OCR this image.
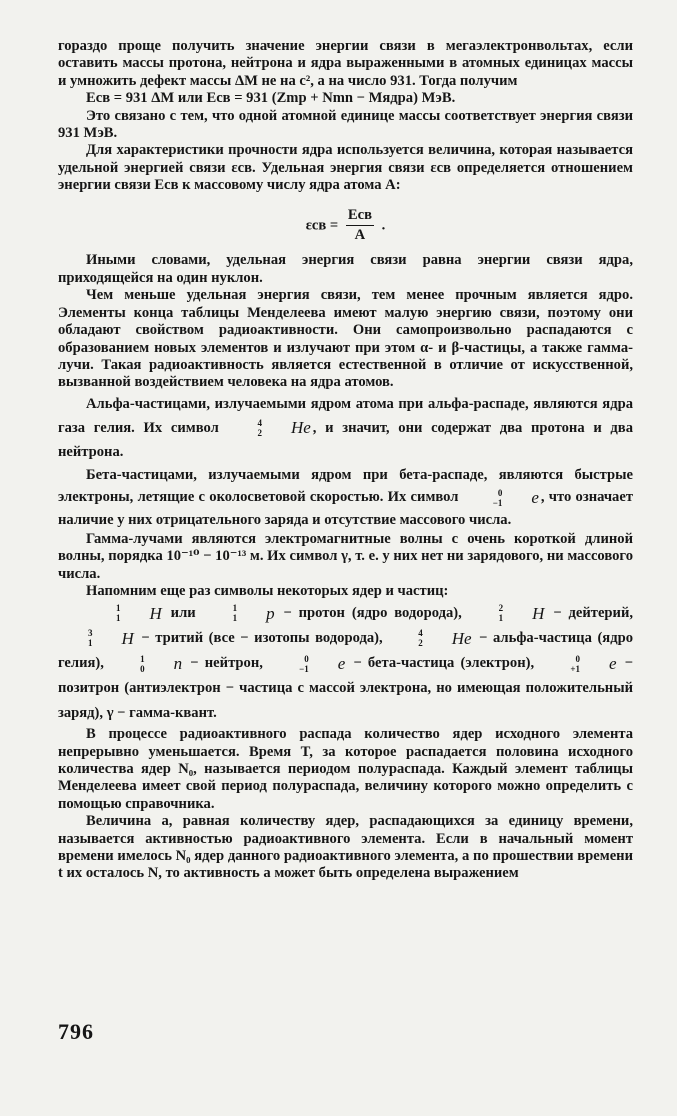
гораздо проще получить значение энергии связи в мегаэлектронвольтах, если оставить массы протона, нейтрона и ядра выраженными в атомных единицах массы и умножить дефект массы ΔM не на c², а на число 931. Тогда получим

Eсв = 931 ΔM или Eсв = 931 (Zmp + Nmn − Mядра) МэВ.

Это связано с тем, что одной атомной единице массы соответствует энергия связи 931 МэВ.

Для характеристики прочности ядра используется величина, которая называется удельной энергией связи εсв. Удельная энергия связи εсв определяется отношением энергии связи Eсв к массовому числу ядра атома A:

$\varepsilon св = \frac{\text{Eсв}}{A}$ .

Иными словами, удельная энергия связи равна энергии связи ядра, приходящейся на один нуклон.

Чем меньше удельная энергия связи, тем менее прочным является ядро. Элементы конца таблицы Менделеева имеют малую энергию связи, поэтому они обладают свойством радиоактивности. Они самопроизвольно распадаются с образованием новых элементов и излучают при этом α- и β-частицы, а также гамма-лучи. Такая радиоактивность является естественной в отличие от искусственной, вызванной воздействием человека на ядра атомов.

Альфа-частицами, излучаемыми ядром атома при альфа-распаде, являются ядра газа гелия. Их символ	4
2	He , и значит, они содержат два протона и два нейтрона.

Бета-частицами, излучаемыми ядром при бета-распаде, являются быстрые электроны, летящие с околосветовой скоростью. Их символ	0
−1	e , что означает наличие у них отрицательного заряда и отсутствие массового числа.

Гамма-лучами являются электромагнитные волны с очень короткой длиной волны, порядка 10⁻¹⁰ − 10⁻¹³ м. Их символ γ, т. е. у них нет ни зарядового, ни массового числа.

Напомним еще раз символы некоторых ядер и частиц:

1
1	H или	1
1	p − протон (ядро водорода),	2
1	H − дейтерий,
3
1	H − тритий (все − изотопы водорода),	4
2	He − альфа-частица (ядро гелия),	1
0	n − нейтрон,	0
−1	e − бета-частица (электрон),	0
+1	e − позитрон (антиэлектрон − частица с массой электрона, но имеющая положительный заряд), γ − гамма-квант.

В процессе радиоактивного распада количество ядер исходного элемента непрерывно уменьшается. Время T, за которое распадается половина исходного количества ядер N₀, называется периодом полураспада. Каждый элемент таблицы Менделеева имеет свой период полураспада, величину которого можно определить с помощью справочника.

Величина a, равная количеству ядер, распадающихся за единицу времени, называется активностью радиоактивного элемента. Если в начальный момент времени имелось N₀ ядер данного радиоактивного элемента, а по прошествии времени t их осталось N, то активность a может быть определена выражением

796
